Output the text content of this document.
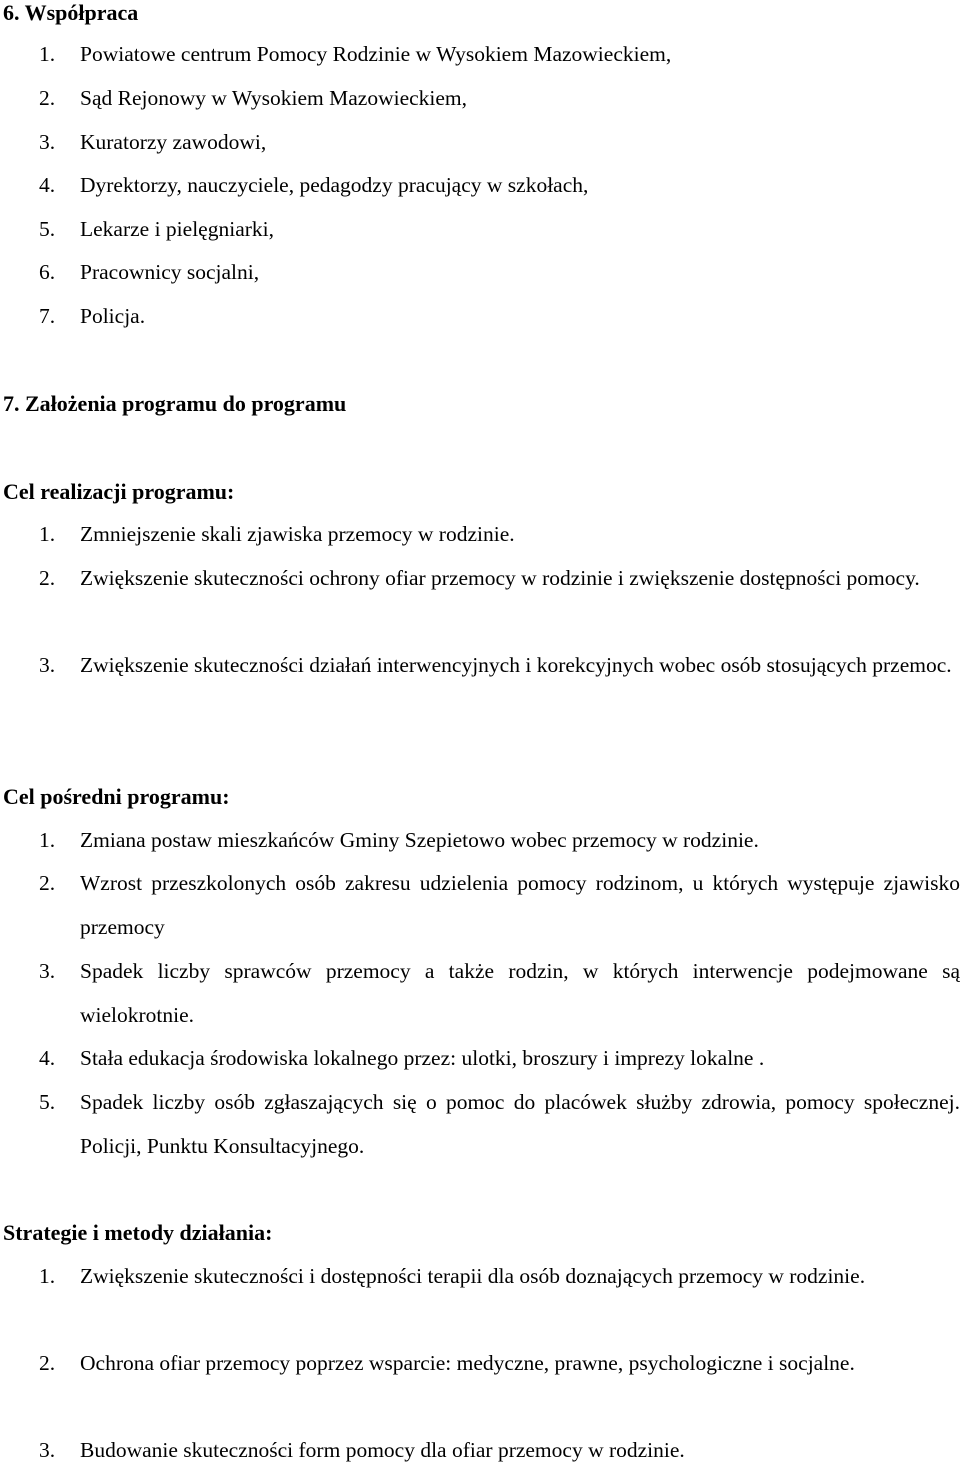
6. Współpraca
1.	Powiatowe centrum Pomocy Rodzinie w Wysokiem Mazowieckiem,
2.	Sąd Rejonowy w Wysokiem Mazowieckiem,
3.	Kuratorzy zawodowi,
4.	Dyrektorzy, nauczyciele, pedagodzy pracujący w szkołach,
5.	Lekarze i pielęgniarki,
6.	Pracownicy socjalni,
7.	Policja.
7. Założenia programu do programu
Cel realizacji programu:
1.	Zmniejszenie skali zjawiska przemocy w rodzinie.
2.	Zwiększenie skuteczności ochrony ofiar przemocy w rodzinie i zwiększenie dostępności pomocy.
3.	Zwiększenie skuteczności działań interwencyjnych i korekcyjnych wobec osób stosujących przemoc.
Cel pośredni programu:
1.	Zmiana postaw mieszkańców Gminy Szepietowo wobec przemocy w rodzinie.
2.	Wzrost przeszkolonych osób zakresu udzielenia pomocy rodzinom, u których występuje zjawisko przemocy
3.	Spadek liczby sprawców przemocy a także rodzin, w których interwencje podejmowane są wielokrotnie.
4.	Stała edukacja środowiska lokalnego przez: ulotki, broszury i imprezy lokalne .
5.	Spadek liczby osób zgłaszających się o pomoc do placówek służby zdrowia, pomocy społecznej. Policji, Punktu Konsultacyjnego.
Strategie i metody działania:
1.	Zwiększenie skuteczności i dostępności terapii dla osób doznających przemocy w rodzinie.
2.	Ochrona ofiar przemocy poprzez wsparcie: medyczne, prawne, psychologiczne i socjalne.
3.	Budowanie skuteczności form pomocy dla ofiar przemocy w rodzinie.
